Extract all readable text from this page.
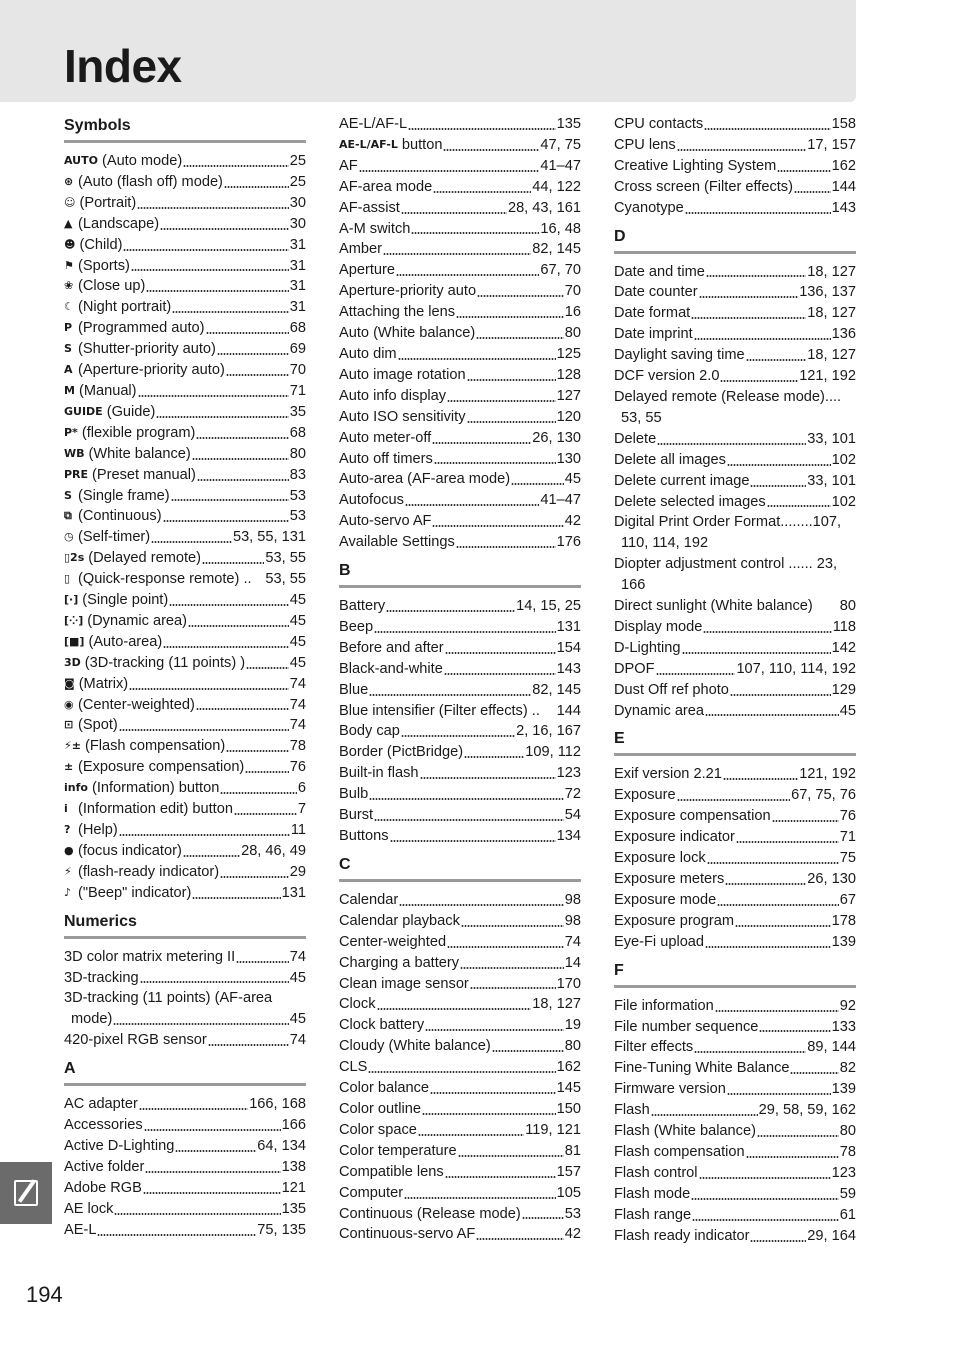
Index
Symbols
AUTO (Auto mode)	25
⊛ (Auto (flash off) mode)	25
☺ (Portrait)	30
▲ (Landscape)	30
☻ (Child)	31
⚑ (Sports)	31
❀ (Close up)	31
☾ (Night portrait)	31
P (Programmed auto)	68
S (Shutter-priority auto)	69
A (Aperture-priority auto)	70
M (Manual)	71
GUIDE (Guide)	35
P* (flexible program)	68
WB (White balance)	80
PRE (Preset manual)	83
S (Single frame)	53
⧉ (Continuous)	53
◷ (Self-timer)	53, 55, 131
▯2s (Delayed remote)	53, 55
▯ (Quick-response remote) .. 53, 55
[·] (Single point)	45
[⁘] (Dynamic area)	45
[■] (Auto-area)	45
3D (3D-tracking (11 points) )	45
◙ (Matrix)	74
◉ (Center-weighted)	74
⊡ (Spot)	74
⚡± (Flash compensation)	78
± (Exposure compensation)	76
info (Information) button	6
i (Information edit) button	7
? (Help)	11
● (focus indicator)	28, 46, 49
⚡ (flash-ready indicator)	29
♪ ("Beep" indicator)	131
Numerics
3D color matrix metering II	74
3D-tracking	45
3D-tracking (11 points) (AF-area
mode)	45
420-pixel RGB sensor	74
A
AC adapter	166, 168
Accessories	166
Active D-Lighting	64, 134
Active folder	138
Adobe RGB	121
AE lock	135
AE-L	75, 135
AE-L/AF-L	135
AE-L/AF-L button	47, 75
AF	41–47
AF-area mode	44, 122
AF-assist	28, 43, 161
A-M switch	16, 48
Amber	82, 145
Aperture	67, 70
Aperture-priority auto	70
Attaching the lens	16
Auto (White balance)	80
Auto dim	125
Auto image rotation	128
Auto info display	127
Auto ISO sensitivity	120
Auto meter-off	26, 130
Auto off timers	130
Auto-area (AF-area mode)	45
Autofocus	41–47
Auto-servo AF	42
Available Settings	176
B
Battery	14, 15, 25
Beep	131
Before and after	154
Black-and-white	143
Blue	82, 145
Blue intensifier (Filter effects) .. 144
Body cap	2, 16, 167
Border (PictBridge)	109, 112
Built-in flash	123
Bulb	72
Burst	54
Buttons	134
C
Calendar	98
Calendar playback	98
Center-weighted	74
Charging a battery	14
Clean image sensor	170
Clock	18, 127
Clock battery	19
Cloudy (White balance)	80
CLS	162
Color balance	145
Color outline	150
Color space	119, 121
Color temperature	81
Compatible lens	157
Computer	105
Continuous (Release mode)	53
Continuous-servo AF	42
CPU contacts	158
CPU lens	17, 157
Creative Lighting System	162
Cross screen (Filter effects)	144
Cyanotype	143
D
Date and time	18, 127
Date counter	136, 137
Date format	18, 127
Date imprint	136
Daylight saving time	18, 127
DCF version 2.0	121, 192
Delayed remote (Release mode)....
53, 55
Delete	33, 101
Delete all images	102
Delete current image	33, 101
Delete selected images	102
Digital Print Order Format........107,
110, 114, 192
Diopter adjustment control ...... 23,
166
Direct sunlight (White balance) 80
Display mode	118
D-Lighting	142
DPOF	107, 110, 114, 192
Dust Off ref photo	129
Dynamic area	45
E
Exif version 2.21	121, 192
Exposure	67, 75, 76
Exposure compensation	76
Exposure indicator	71
Exposure lock	75
Exposure meters	26, 130
Exposure mode	67
Exposure program	178
Eye-Fi upload	139
F
File information	92
File number sequence	133
Filter effects	89, 144
Fine-Tuning White Balance	82
Firmware version	139
Flash	29, 58, 59, 162
Flash (White balance)	80
Flash compensation	78
Flash control	123
Flash mode	59
Flash range	61
Flash ready indicator	29, 164
194
